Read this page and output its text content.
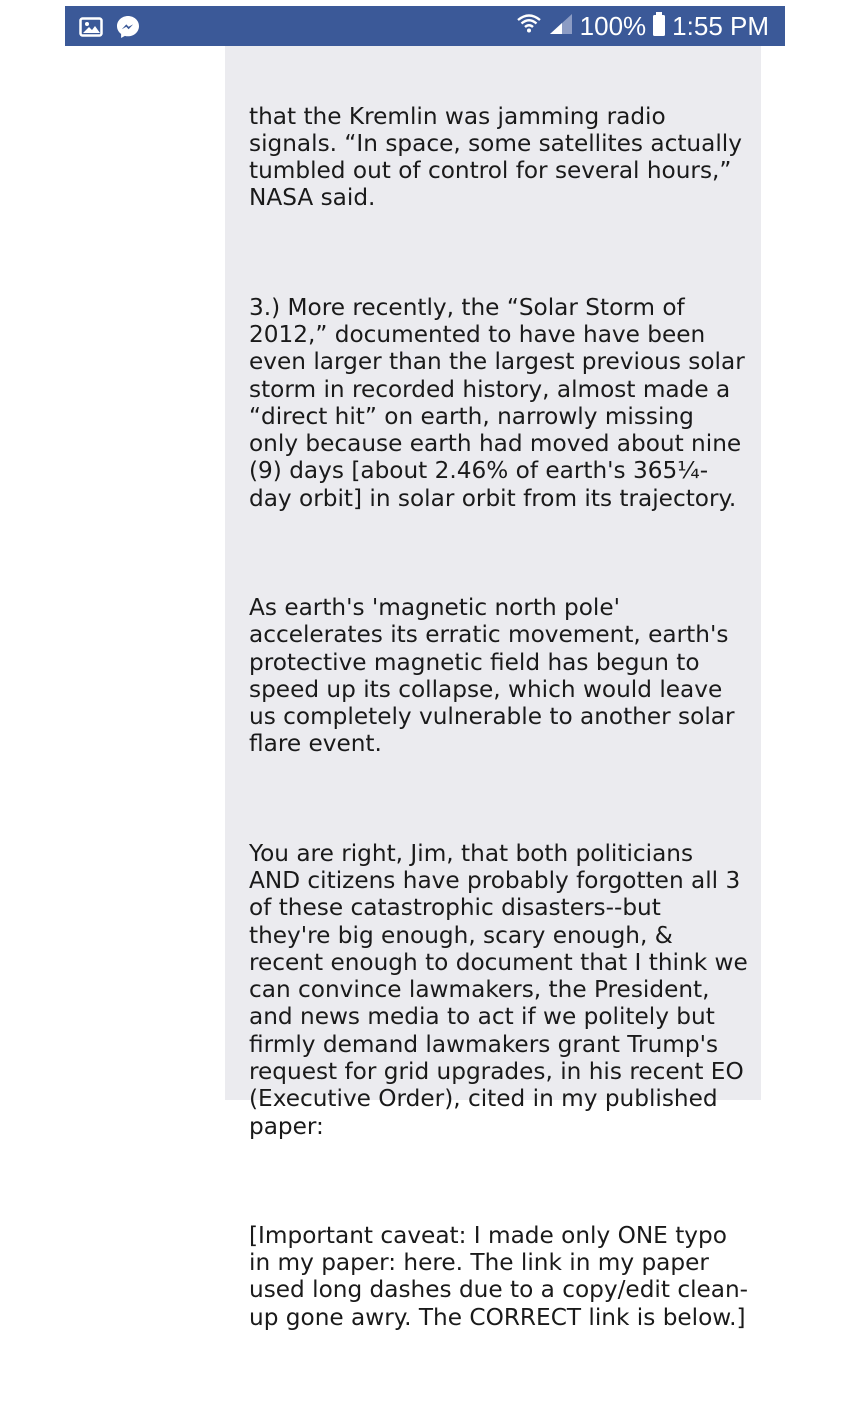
100% 1:55 PM

that the Kremlin was jamming radio signals. “In space, some satellites actually tumbled out of control for several hours,” NASA said.

3.) More recently, the “Solar Storm of 2012,” documented to have have been even larger than the largest previous solar storm in recorded history, almost made a “direct hit” on earth, narrowly missing only because earth had moved about nine (9) days [about 2.46% of earth's 365¼-day orbit] in solar orbit from its trajectory.

As earth's 'magnetic north pole' accelerates its erratic movement, earth's protective magnetic field has begun to speed up its collapse, which would leave us completely vulnerable to another solar flare event.

You are right, Jim, that both politicians AND citizens have probably forgotten all 3 of these catastrophic disasters--but they're big enough, scary enough, & recent enough to document that I think we can convince lawmakers, the President, and news media to act if we politely but firmly demand lawmakers grant Trump's request for grid upgrades, in his recent EO (Executive Order), cited in my published paper:

[Important caveat: I made only ONE typo in my paper: here. The link in my paper used long dashes due to a copy/edit clean-up gone awry. The CORRECT link is below.]
